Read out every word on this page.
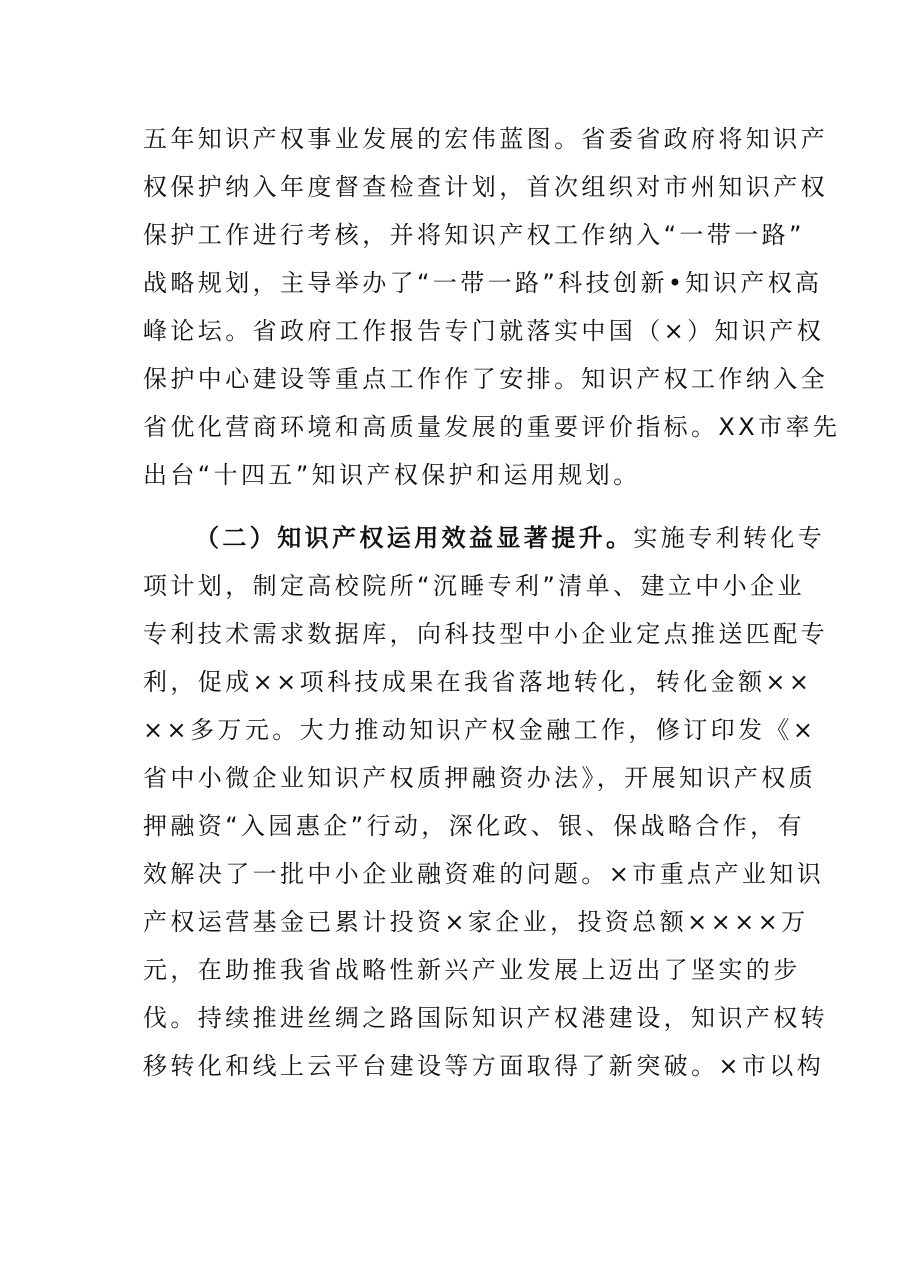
五年知识产权事业发展的宏伟蓝图。省委省政府将知识产
权保护纳入年度督查检查计划，首次组织对市州知识产权
保护工作进行考核，并将知识产权工作纳入“一带一路”
战略规划，主导举办了“一带一路”科技创新•知识产权高
峰论坛。省政府工作报告专门就落实中国（×）知识产权
保护中心建设等重点工作作了安排。知识产权工作纳入全
省优化营商环境和高质量发展的重要评价指标。XX市率先
出台“十四五”知识产权保护和运用规划。
（二）知识产权运用效益显著提升。实施专利转化专
项计划，制定高校院所“沉睡专利”清单、建立中小企业
专利技术需求数据库，向科技型中小企业定点推送匹配专
利，促成××项科技成果在我省落地转化，转化金额××
××多万元。大力推动知识产权金融工作，修订印发《×
省中小微企业知识产权质押融资办法》，开展知识产权质
押融资“入园惠企”行动，深化政、银、保战略合作，有
效解决了一批中小企业融资难的问题。×市重点产业知识
产权运营基金已累计投资×家企业，投资总额××××万
元，在助推我省战略性新兴产业发展上迈出了坚实的步
伐。持续推进丝绸之路国际知识产权港建设，知识产权转
移转化和线上云平台建设等方面取得了新突破。×市以构
